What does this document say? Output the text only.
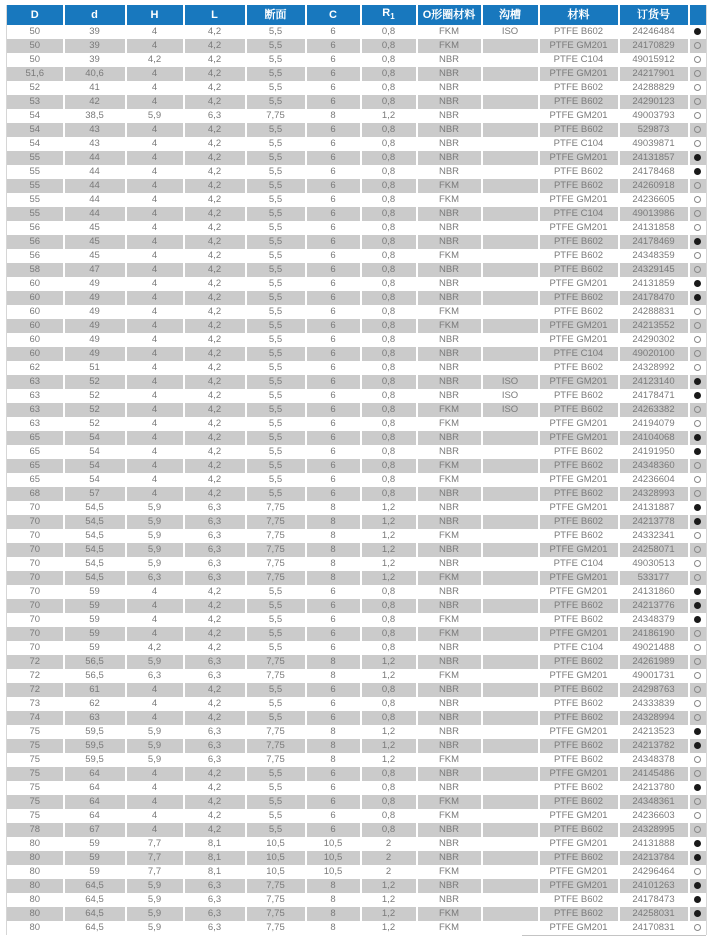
D	d	H	L	断面	C	$R_1$	O形圈材料	沟槽	材料	订货号	
50	39	4	4,2	5,5	6	0,8	FKM	ISO	PTFE B602	24246484	
50	39	4	4,2	5,5	6	0,8	FKM		PTFE GM201	24170829	
50	39	4,2	4,2	5,5	6	0,8	NBR		PTFE C104	49015912	
51,6	40,6	4	4,2	5,5	6	0,8	NBR		PTFE GM201	24217901	
52	41	4	4,2	5,5	6	0,8	NBR		PTFE B602	24288829	
53	42	4	4,2	5,5	6	0,8	NBR		PTFE B602	24290123	
54	38,5	5,9	6,3	7,75	8	1,2	NBR		PTFE GM201	49003793	
54	43	4	4,2	5,5	6	0,8	NBR		PTFE B602	529873	
54	43	4	4,2	5,5	6	0,8	NBR		PTFE C104	49039871	
55	44	4	4,2	5,5	6	0,8	NBR		PTFE GM201	24131857	
55	44	4	4,2	5,5	6	0,8	NBR		PTFE B602	24178468	
55	44	4	4,2	5,5	6	0,8	FKM		PTFE B602	24260918	
55	44	4	4,2	5,5	6	0,8	FKM		PTFE GM201	24236605	
55	44	4	4,2	5,5	6	0,8	NBR		PTFE C104	49013986	
56	45	4	4,2	5,5	6	0,8	NBR		PTFE GM201	24131858	
56	45	4	4,2	5,5	6	0,8	NBR		PTFE B602	24178469	
56	45	4	4,2	5,5	6	0,8	FKM		PTFE B602	24348359	
58	47	4	4,2	5,5	6	0,8	NBR		PTFE B602	24329145	
60	49	4	4,2	5,5	6	0,8	NBR		PTFE GM201	24131859	
60	49	4	4,2	5,5	6	0,8	NBR		PTFE B602	24178470	
60	49	4	4,2	5,5	6	0,8	FKM		PTFE B602	24288831	
60	49	4	4,2	5,5	6	0,8	FKM		PTFE GM201	24213552	
60	49	4	4,2	5,5	6	0,8	NBR		PTFE GM201	24290302	
60	49	4	4,2	5,5	6	0,8	NBR		PTFE C104	49020100	
62	51	4	4,2	5,5	6	0,8	NBR		PTFE B602	24328992	
63	52	4	4,2	5,5	6	0,8	NBR	ISO	PTFE GM201	24123140	
63	52	4	4,2	5,5	6	0,8	NBR	ISO	PTFE B602	24178471	
63	52	4	4,2	5,5	6	0,8	FKM	ISO	PTFE B602	24263382	
63	52	4	4,2	5,5	6	0,8	FKM		PTFE GM201	24194079	
65	54	4	4,2	5,5	6	0,8	NBR		PTFE GM201	24104068	
65	54	4	4,2	5,5	6	0,8	NBR		PTFE B602	24191950	
65	54	4	4,2	5,5	6	0,8	FKM		PTFE B602	24348360	
65	54	4	4,2	5,5	6	0,8	FKM		PTFE GM201	24236604	
68	57	4	4,2	5,5	6	0,8	NBR		PTFE B602	24328993	
70	54,5	5,9	6,3	7,75	8	1,2	NBR		PTFE GM201	24131887	
70	54,5	5,9	6,3	7,75	8	1,2	NBR		PTFE B602	24213778	
70	54,5	5,9	6,3	7,75	8	1,2	FKM		PTFE B602	24332341	
70	54,5	5,9	6,3	7,75	8	1,2	NBR		PTFE GM201	24258071	
70	54,5	5,9	6,3	7,75	8	1,2	NBR		PTFE C104	49030513	
70	54,5	6,3	6,3	7,75	8	1,2	FKM		PTFE GM201	533177	
70	59	4	4,2	5,5	6	0,8	NBR		PTFE GM201	24131860	
70	59	4	4,2	5,5	6	0,8	NBR		PTFE B602	24213776	
70	59	4	4,2	5,5	6	0,8	FKM		PTFE B602	24348379	
70	59	4	4,2	5,5	6	0,8	FKM		PTFE GM201	24186190	
70	59	4,2	4,2	5,5	6	0,8	NBR		PTFE C104	49021488	
72	56,5	5,9	6,3	7,75	8	1,2	NBR		PTFE B602	24261989	
72	56,5	6,3	6,3	7,75	8	1,2	FKM		PTFE GM201	49001731	
72	61	4	4,2	5,5	6	0,8	NBR		PTFE B602	24298763	
73	62	4	4,2	5,5	6	0,8	NBR		PTFE B602	24333839	
74	63	4	4,2	5,5	6	0,8	NBR		PTFE B602	24328994	
75	59,5	5,9	6,3	7,75	8	1,2	NBR		PTFE GM201	24213523	
75	59,5	5,9	6,3	7,75	8	1,2	NBR		PTFE B602	24213782	
75	59,5	5,9	6,3	7,75	8	1,2	FKM		PTFE B602	24348378	
75	64	4	4,2	5,5	6	0,8	NBR		PTFE GM201	24145486	
75	64	4	4,2	5,5	6	0,8	NBR		PTFE B602	24213780	
75	64	4	4,2	5,5	6	0,8	FKM		PTFE B602	24348361	
75	64	4	4,2	5,5	6	0,8	FKM		PTFE GM201	24236603	
78	67	4	4,2	5,5	6	0,8	NBR		PTFE B602	24328995	
80	59	7,7	8,1	10,5	10,5	2	NBR		PTFE GM201	24131888	
80	59	7,7	8,1	10,5	10,5	2	NBR		PTFE B602	24213784	
80	59	7,7	8,1	10,5	10,5	2	FKM		PTFE GM201	24296464	
80	64,5	5,9	6,3	7,75	8	1,2	NBR		PTFE GM201	24101263	
80	64,5	5,9	6,3	7,75	8	1,2	NBR		PTFE B602	24178473	
80	64,5	5,9	6,3	7,75	8	1,2	FKM		PTFE B602	24258031	
80	64,5	5,9	6,3	7,75	8	1,2	FKM		PTFE GM201	24170831	
